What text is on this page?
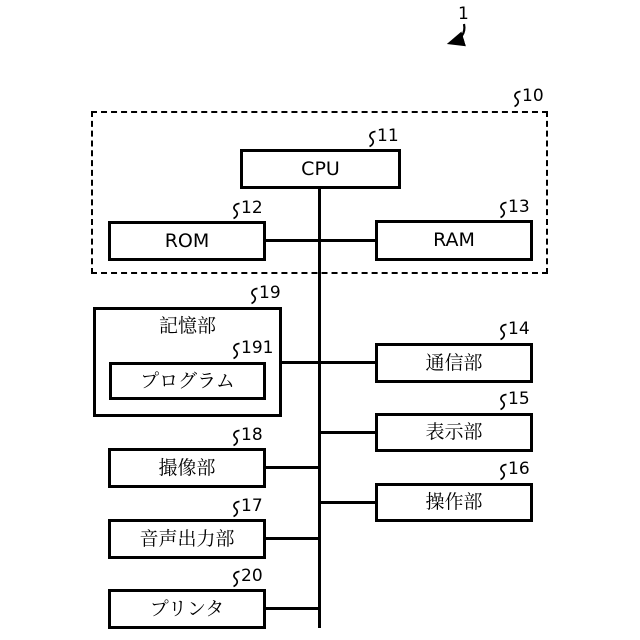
1
CPU
ROM	RAM
記憶部
プログラム
撮像部
音声出力部
プリンタ
通信部
表示部
操作部
10
11
12	13
19
191
18
17
20
14
15
16
